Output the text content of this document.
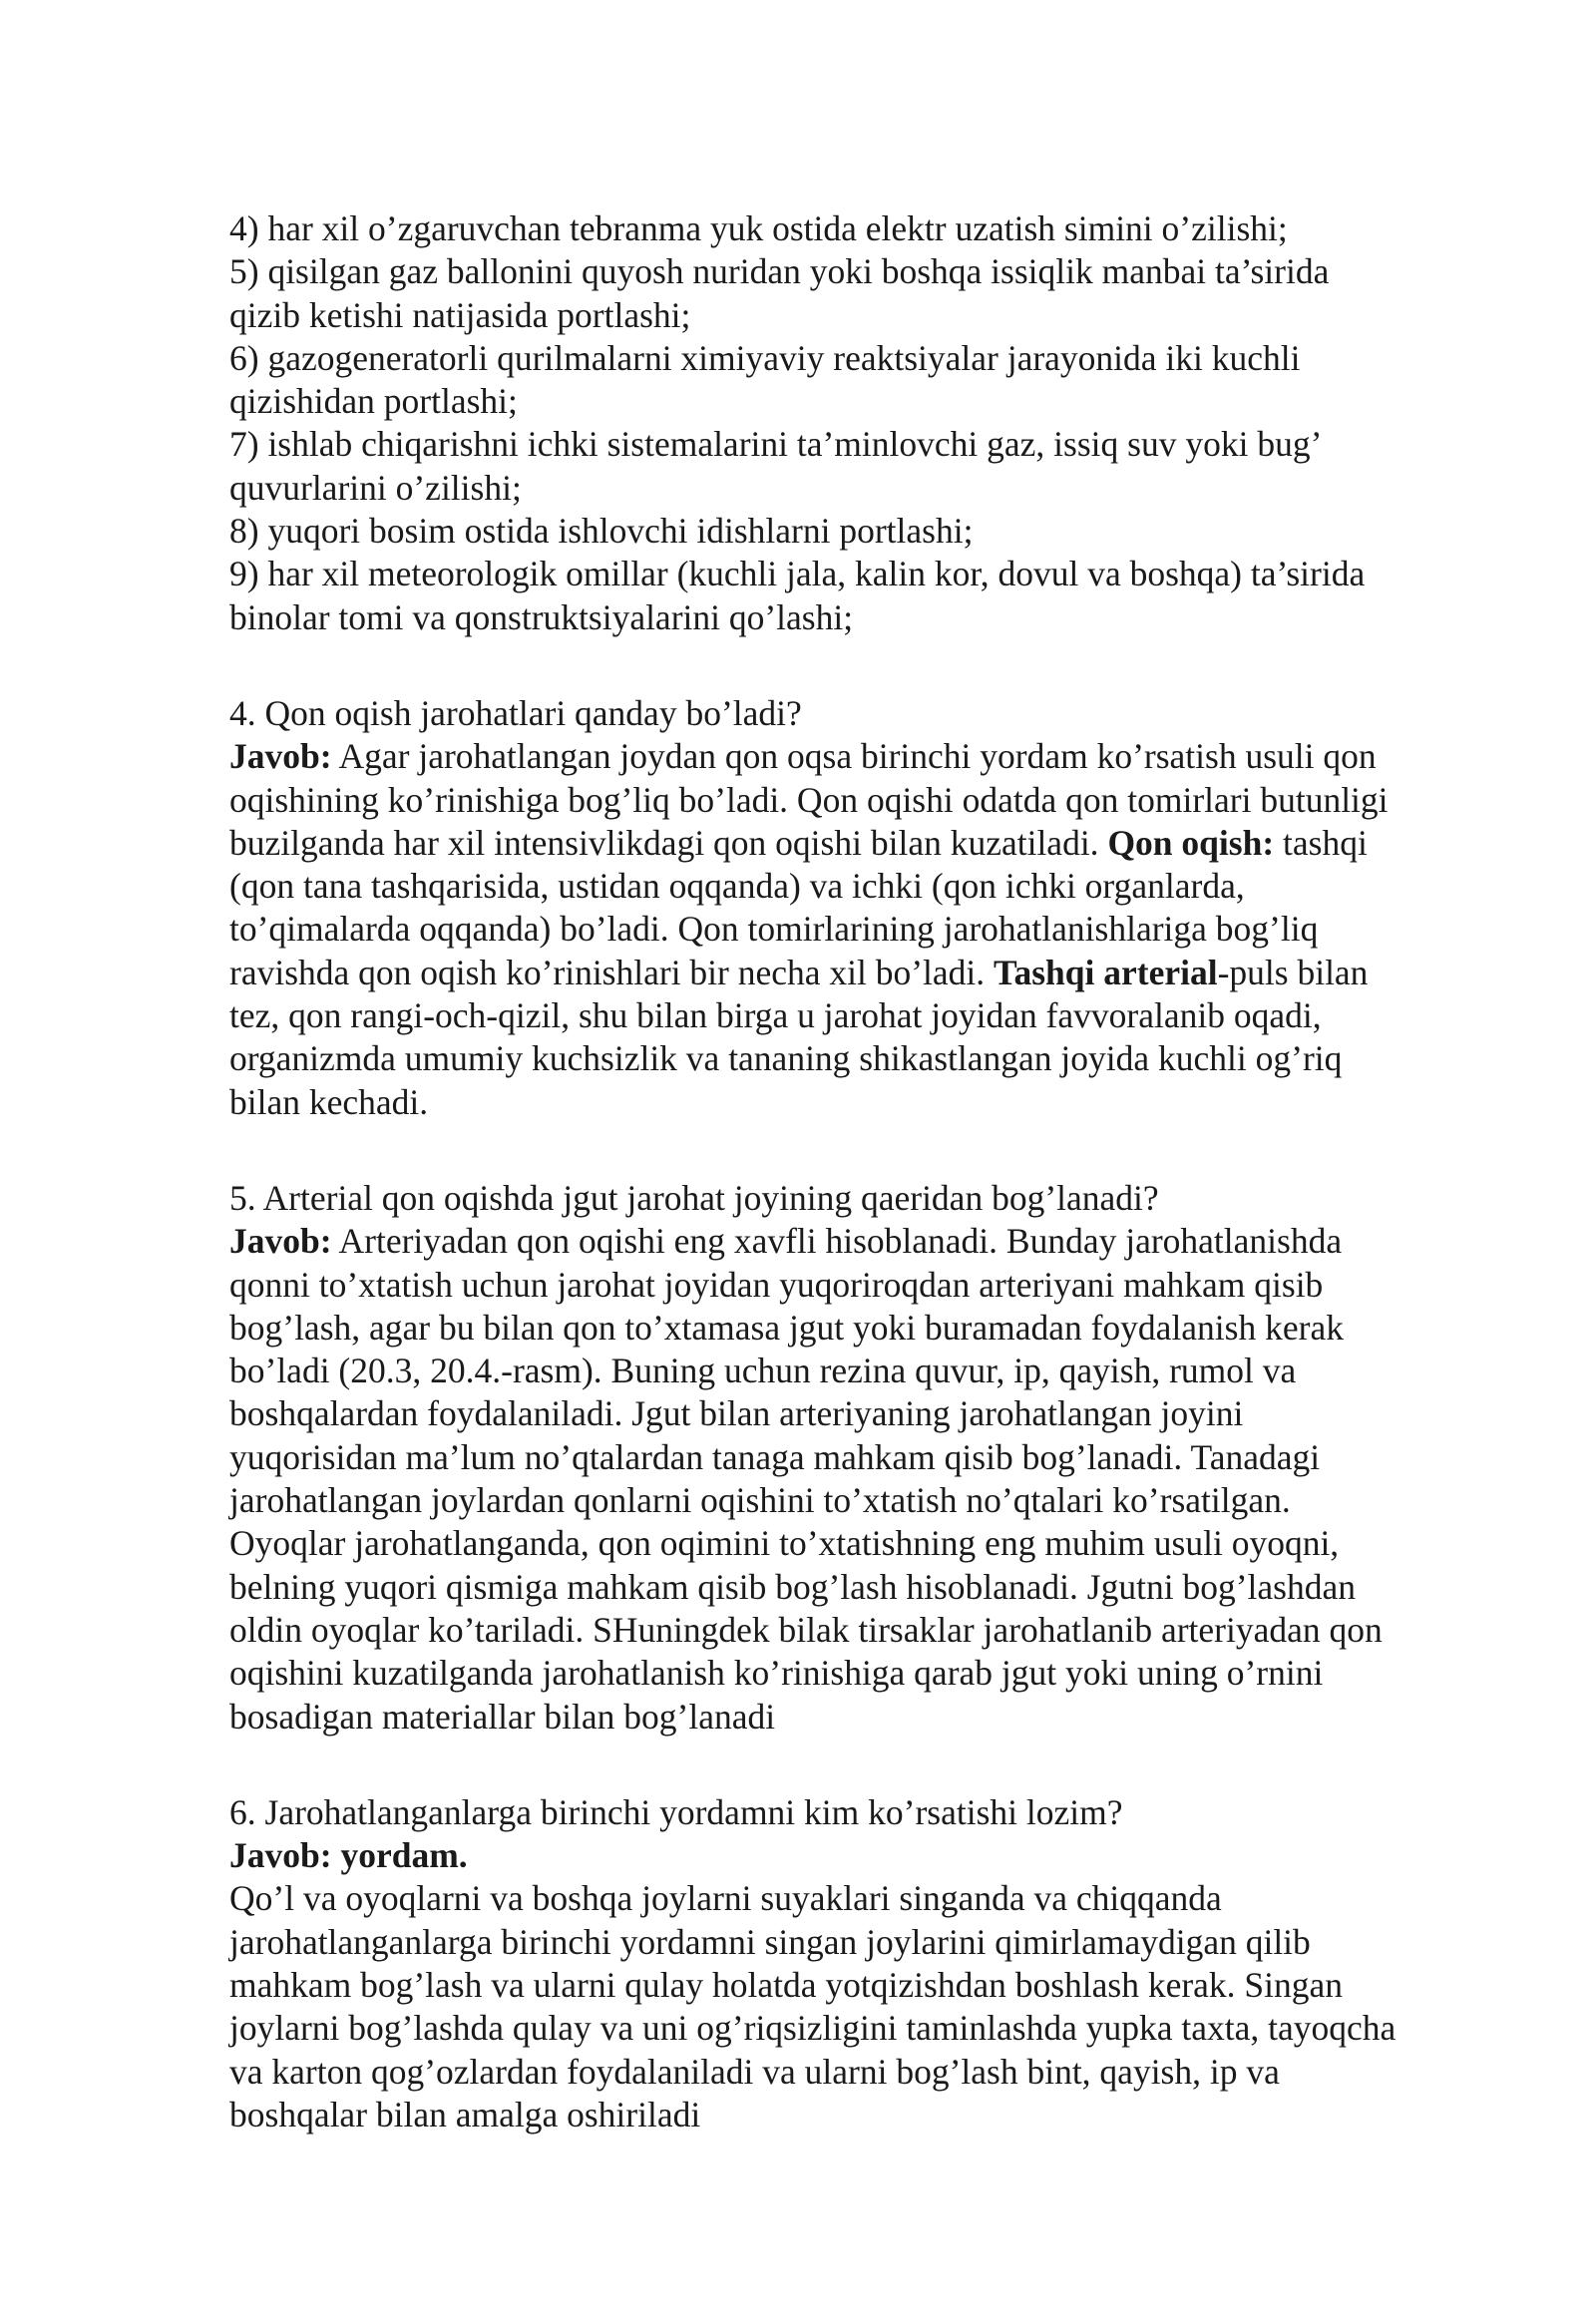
4) har xil o’zgaruvchan tebranma yuk ostida elektr uzatish simini o’zilishi;
5) qisilgan gaz ballonini quyosh nuridan yoki boshqa issiqlik manbai ta’sirida
qizib ketishi natijasida portlashi;
6) gazogeneratorli qurilmalarni ximiyaviy reaktsiyalar jarayonida iki kuchli
qizishidan portlashi;
7) ishlab chiqarishni ichki sistemalarini ta’minlovchi gaz, issiq suv yoki bug’
quvurlarini o’zilishi;
8) yuqori bosim ostida ishlovchi idishlarni portlashi;
9) har xil meteorologik omillar (kuchli jala, kalin kor, dovul va boshqa) ta’sirida
binolar tomi va qonstruktsiyalarini qo’lashi;
4. Qon oqish jarohatlari qanday bo’ladi?
Javob: Agar jarohatlangan joydan qon oqsa birinchi yordam ko’rsatish usuli qon
oqishining ko’rinishiga bog’liq bo’ladi. Qon oqishi odatda qon tomirlari butunligi
buzilganda har xil intensivlikdagi qon oqishi bilan kuzatiladi. Qon oqish: tashqi
(qon tana tashqarisida, ustidan oqqanda) va ichki (qon ichki organlarda,
to’qimalarda oqqanda) bo’ladi. Qon tomirlarining jarohatlanishlariga bog’liq
ravishda qon oqish ko’rinishlari bir necha xil bo’ladi. Tashqi arterial-puls bilan
tez, qon rangi-och-qizil, shu bilan birga u jarohat joyidan favvoralanib oqadi,
organizmda umumiy kuchsizlik va tananing shikastlangan joyida kuchli og’riq
bilan kechadi.
5. Arterial qon oqishda jgut jarohat joyining qaeridan bog’lanadi?
Javob: Arteriyadan qon oqishi eng xavfli hisoblanadi. Bunday jarohatlanishda
qonni to’xtatish uchun jarohat joyidan yuqoriroqdan arteriyani mahkam qisib
bog’lash, agar bu bilan qon to’xtamasa jgut yoki buramadan foydalanish kerak
bo’ladi (20.3, 20.4.-rasm). Buning uchun rezina quvur, ip, qayish, rumol va
boshqalardan foydalaniladi. Jgut bilan arteriyaning jarohatlangan joyini
yuqorisidan ma’lum no’qtalardan tanaga mahkam qisib bog’lanadi. Tanadagi
jarohatlangan joylardan qonlarni oqishini to’xtatish no’qtalari ko’rsatilgan.
Oyoqlar jarohatlanganda, qon oqimini to’xtatishning eng muhim usuli oyoqni,
belning yuqori qismiga mahkam qisib bog’lash hisoblanadi. Jgutni bog’lashdan
oldin oyoqlar ko’tariladi. SHuningdek bilak tirsaklar jarohatlanib arteriyadan qon
oqishini kuzatilganda jarohatlanish ko’rinishiga qarab jgut yoki uning o’rnini
bosadigan materiallar bilan bog’lanadi
6. Jarohatlanganlarga birinchi yordamni kim ko’rsatishi lozim?
Javob: yordam.
Qo’l va oyoqlarni va boshqa joylarni suyaklari singanda va chiqqanda
jarohatlanganlarga birinchi yordamni singan joylarini qimirlamaydigan qilib
mahkam bog’lash va ularni qulay holatda yotqizishdan boshlash kerak. Singan
joylarni bog’lashda qulay va uni og’riqsizligini taminlashda yupka taxta, tayoqcha
va karton qog’ozlardan foydalaniladi va ularni bog’lash bint, qayish, ip va
boshqalar bilan amalga oshiriladi
